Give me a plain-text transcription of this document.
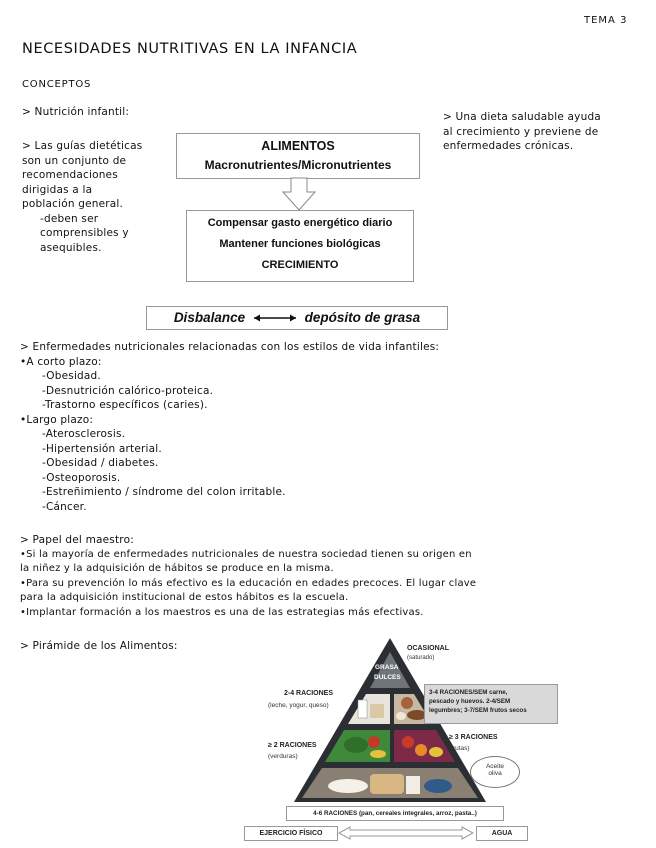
TEMA 3
NECESIDADES NUTRITIVAS EN LA INFANCIA
CONCEPTOS
> Nutrición infantil:
> Las guías dietéticas
son un conjunto de
recomendaciones
dirigidas a la
población general.
-deben ser
comprensibles y
asequibles.
> Una dieta saludable ayuda
al crecimiento y previene de
enfermedades crónicas.
ALIMENTOS
Macronutrientes/Micronutrientes
Compensar gasto energético diario
Mantener funciones biológicas
CRECIMIENTO
Disbalance	depósito de grasa
> Enfermedades nutricionales relacionadas con los estilos de vida infantiles:
•A corto plazo:
-Obesidad.
-Desnutrición calórico-proteica.
-Trastorno específicos (caries).
•Largo plazo:
-Aterosclerosis.
-Hipertensión arterial.
-Obesidad / diabetes.
-Osteoporosis.
-Estreñimiento / síndrome del colon irritable.
-Cáncer.
> Papel del maestro:
•Si la mayoría de enfermedades nutricionales de nuestra sociedad tienen su origen en
la niñez y la adquisición de hábitos se produce en la misma.
•Para su prevención lo más efectivo es la educación en edades precoces. El lugar clave
para la adquisición institucional de estos hábitos es la escuela.
•Implantar formación a los maestros es una de las estrategias más efectivas.
> Pirámide de los Alimentos:
GRASA
DULCES
OCASIONAL
(saturado)
2-4 RACIONES
(leche, yogur, queso)
3-4 RACIONES/SEM carne,
pescado y huevos. 2-4/SEM
legumbres; 3-7/SEM frutos secos
≥ 2 RACIONES
(verduras)
≥ 3 RACIONES
(frutas)
Aceite
oliva
4-6 RACIONES (pan, cereales integrales, arroz, pasta..)
EJERCICIO FÍSICO	AGUA
